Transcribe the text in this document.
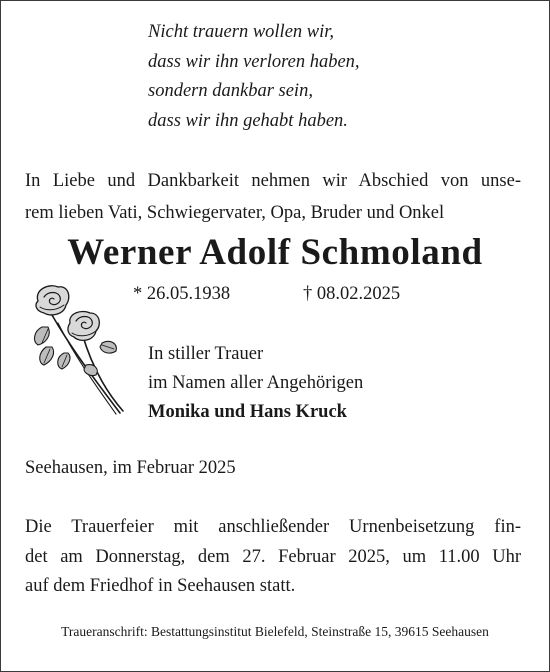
Nicht trauern wollen wir,
dass wir ihn verloren haben,
sondern dankbar sein,
dass wir ihn gehabt haben.
In Liebe und Dankbarkeit nehmen wir Abschied von unse-
rem lieben Vati, Schwiegervater, Opa, Bruder und Onkel
Werner Adolf Schmoland
* 26.05.1938	† 08.02.2025
In stiller Trauer
im Namen aller Angehörigen
Monika und Hans Kruck
Seehausen, im Februar 2025
Die Trauerfeier mit anschließender Urnenbeisetzung fin-
det am Donnerstag, dem 27. Februar 2025, um 11.00 Uhr
auf dem Friedhof in Seehausen statt.
Traueranschrift: Bestattungsinstitut Bielefeld, Steinstraße 15, 39615 Seehausen
